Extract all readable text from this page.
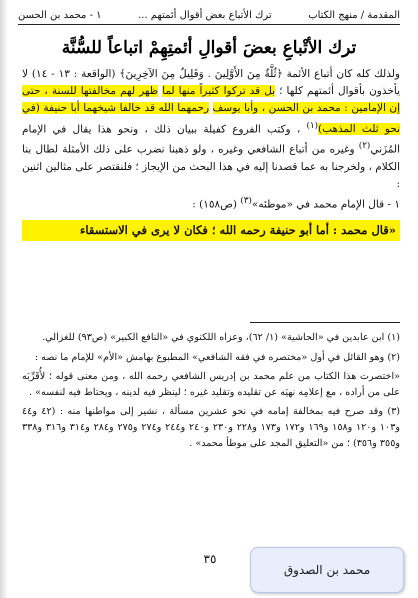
المقدمة / منهج الكتاب
ترك الأتباع بعض أقوال أئمتهم ...
١ - محمد بن الحسن
ترك الأتْباعِ بعضَ أقوالِ أئمتِهِمْ اتباعاً للسُّنَّة

ولذلك كله كان أتباع الأئمة ﴿ثُلَّةٌ مِنَ الأَوَّلِينَ . وَقَلِيلٌ مِنَ الآخِرِينَ﴾ (الواقعة : ١٣ - ١٤) لا يأخذون بأقوال أئمتهم كلها ؛ بل قد تركوا كثيراً منها لما ظهر لهم مخالفتها للسنة ، حتى إن الإمامين : محمد بن الحسن ، وأبا يوسف رحمهما الله قد خالفا شيخهما أبا حنيفة (في نحو ثلث المذهب)$^{(١)}$ ، وكتب الفروع كفيلة ببيان ذلك ، ونحو هذا يقال في الإمام المُزَني$^{(٢)}$ وغيره من أتباع الشافعي وغيره ، ولو ذهبنا نضرب على ذلك الأمثلة لطال بنا الكلام ، ولخرجنا به عما قصدنا إليه في هذا البحث من الإيجاز ؛ فلنقتصر على مثالين اثنين :

١ - قال الإمام محمد في «موطئه»$^{(٣)}$ (ص١٥٨) :

«قال محمد : أما أبو حنيفة رحمه الله ؛ فكان لا يرى في الاستسقاء

(١) ابن عابدين في «الحاشية» (١/ ٦٢)، وعزاه اللكنوي في «النافع الكبير» (ص٩٣) للغزالي.

(٢) وهو القائل في أول «مختصره في فقه الشافعي» المطبوع بهامش «الأم» للإمام ما نصه :

«اختصرت هذا الكتاب من علم محمد بن إدريس الشافعي رحمه الله ، ومن معنى قوله ؛ لأُقَرِّبَه على من أراده ، مع إعلامِه نهيَه عن تقليده وتقليد غيره ؛ لينظر فيه لدينه ، ويحتاط فيه لنفسه» .

(٣) وقد صرح فيه بمخالفة إمامه في نحو عشرين مسألة ، نشير إلى مواطنها منه : (٤٢ و٤٤ و١٠٣ و١٢٠ و١٥٨ و١٦٩ و١٧٢ و١٧٣ و٢٢٨ و٢٣٠ و٢٤٠ و٢٤٤ و٢٧٤ و٢٧٥ و٢٨٤ و٣١٤ و٣١٦ و٣٣٨ و٣٥٥ و٣٥٦) ؛ من «التعليق المجد على موطأ محمد» .

٣٥
محمد بن الصدوق
